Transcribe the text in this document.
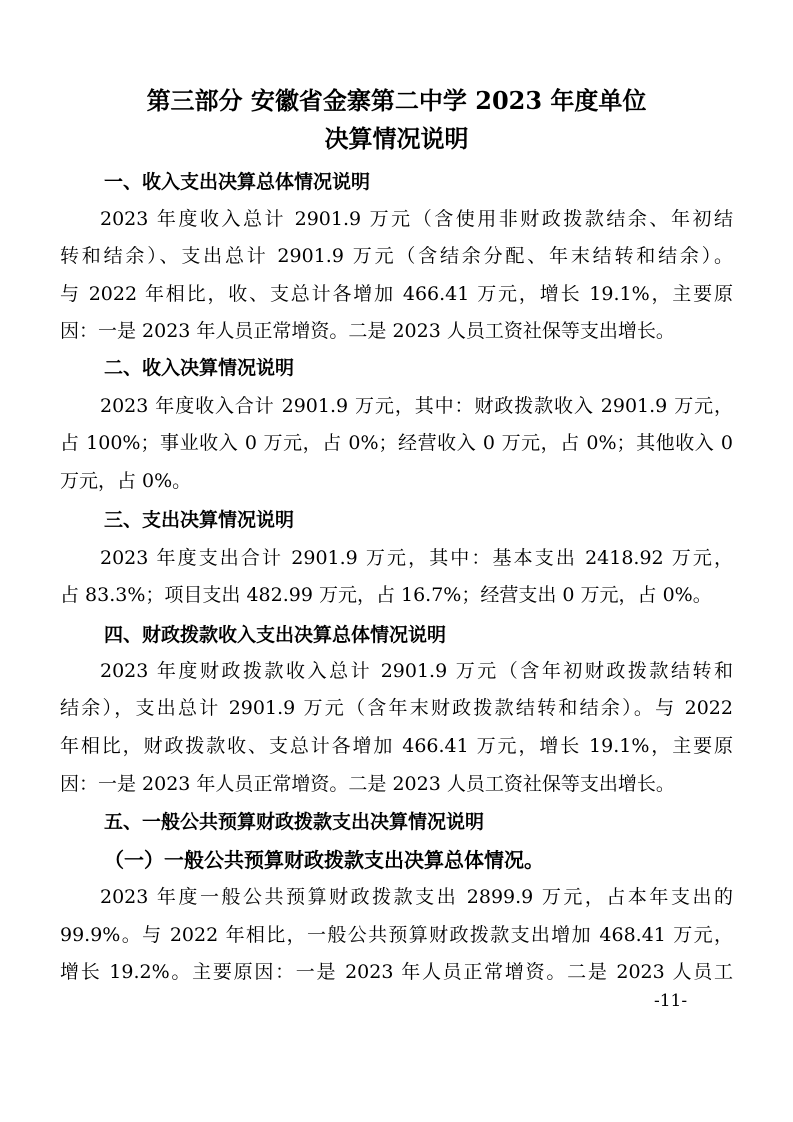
第三部分 安徽省金寨第二中学 2023 年度单位
决算情况说明
一、收入支出决算总体情况说明
2023 年度收入总计 2901.9 万元（含使用非财政拨款结余、年初结
转和结余）、支出总计 2901.9 万元（含结余分配、年末结转和结余）。
与 2022 年相比，收、支总计各增加 466.41 万元，增长 19.1%，主要原
因：一是 2023 年人员正常增资。二是 2023 人员工资社保等支出增长。
二、收入决算情况说明
2023 年度收入合计 2901.9 万元，其中：财政拨款收入 2901.9 万元，
占 100%；事业收入 0 万元，占 0%；经营收入 0 万元，占 0%；其他收入 0
万元，占 0%。
三、支出决算情况说明
2023 年度支出合计 2901.9 万元，其中：基本支出 2418.92 万元，
占 83.3%；项目支出 482.99 万元，占 16.7%；经营支出 0 万元，占 0%。
四、财政拨款收入支出决算总体情况说明
2023 年度财政拨款收入总计 2901.9 万元（含年初财政拨款结转和
结余），支出总计 2901.9 万元（含年末财政拨款结转和结余）。与 2022
年相比，财政拨款收、支总计各增加 466.41 万元，增长 19.1%，主要原
因：一是 2023 年人员正常增资。二是 2023 人员工资社保等支出增长。
五、一般公共预算财政拨款支出决算情况说明
（一）一般公共预算财政拨款支出决算总体情况。
2023 年度一般公共预算财政拨款支出 2899.9 万元，占本年支出的
99.9%。与 2022 年相比，一般公共预算财政拨款支出增加 468.41 万元，
增长 19.2%。主要原因：一是 2023 年人员正常增资。二是 2023 人员工
-11-
